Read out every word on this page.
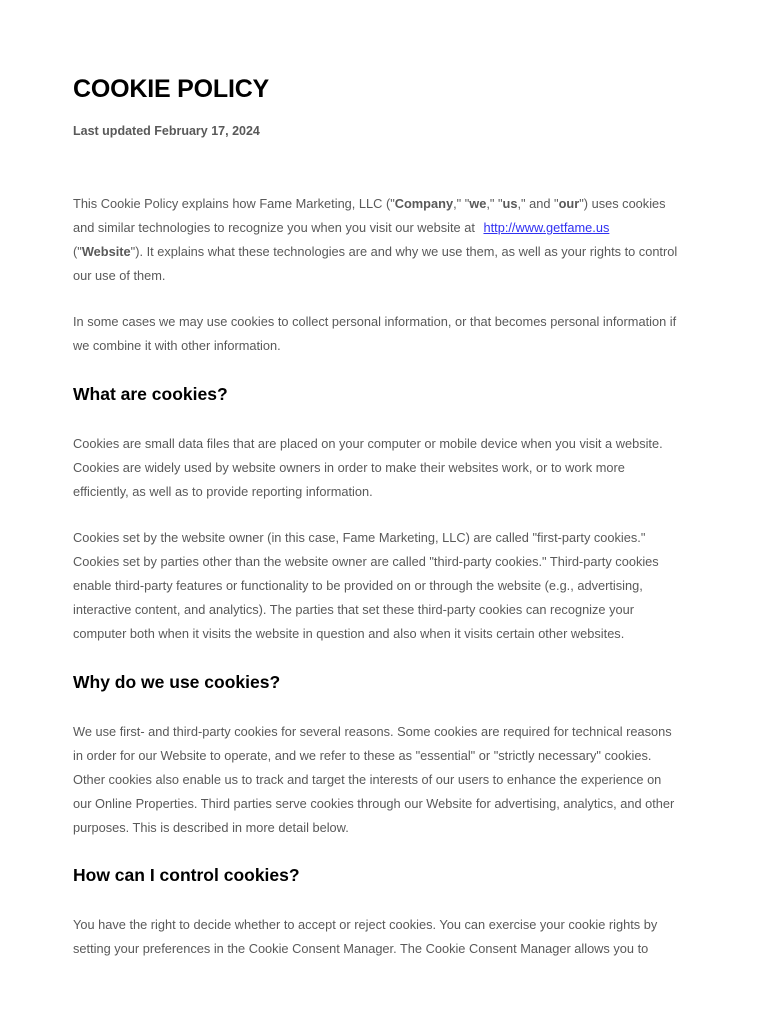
COOKIE POLICY

Last updated February 17, 2024

This Cookie Policy explains how Fame Marketing, LLC ("Company," "we," "us," and "our") uses cookies
and similar technologies to recognize you when you visit our website at http://www.getfame.us
("Website"). It explains what these technologies are and why we use them, as well as your rights to control
our use of them.

In some cases we may use cookies to collect personal information, or that becomes personal information if
we combine it with other information.

What are cookies?

Cookies are small data files that are placed on your computer or mobile device when you visit a website.
Cookies are widely used by website owners in order to make their websites work, or to work more
efficiently, as well as to provide reporting information.

Cookies set by the website owner (in this case, Fame Marketing, LLC) are called "first-party cookies."
Cookies set by parties other than the website owner are called "third-party cookies." Third-party cookies
enable third-party features or functionality to be provided on or through the website (e.g., advertising,
interactive content, and analytics). The parties that set these third-party cookies can recognize your
computer both when it visits the website in question and also when it visits certain other websites.

Why do we use cookies?

We use first- and third-party cookies for several reasons. Some cookies are required for technical reasons
in order for our Website to operate, and we refer to these as "essential" or "strictly necessary" cookies.
Other cookies also enable us to track and target the interests of our users to enhance the experience on
our Online Properties. Third parties serve cookies through our Website for advertising, analytics, and other
purposes. This is described in more detail below.

How can I control cookies?

You have the right to decide whether to accept or reject cookies. You can exercise your cookie rights by
setting your preferences in the Cookie Consent Manager. The Cookie Consent Manager allows you to
